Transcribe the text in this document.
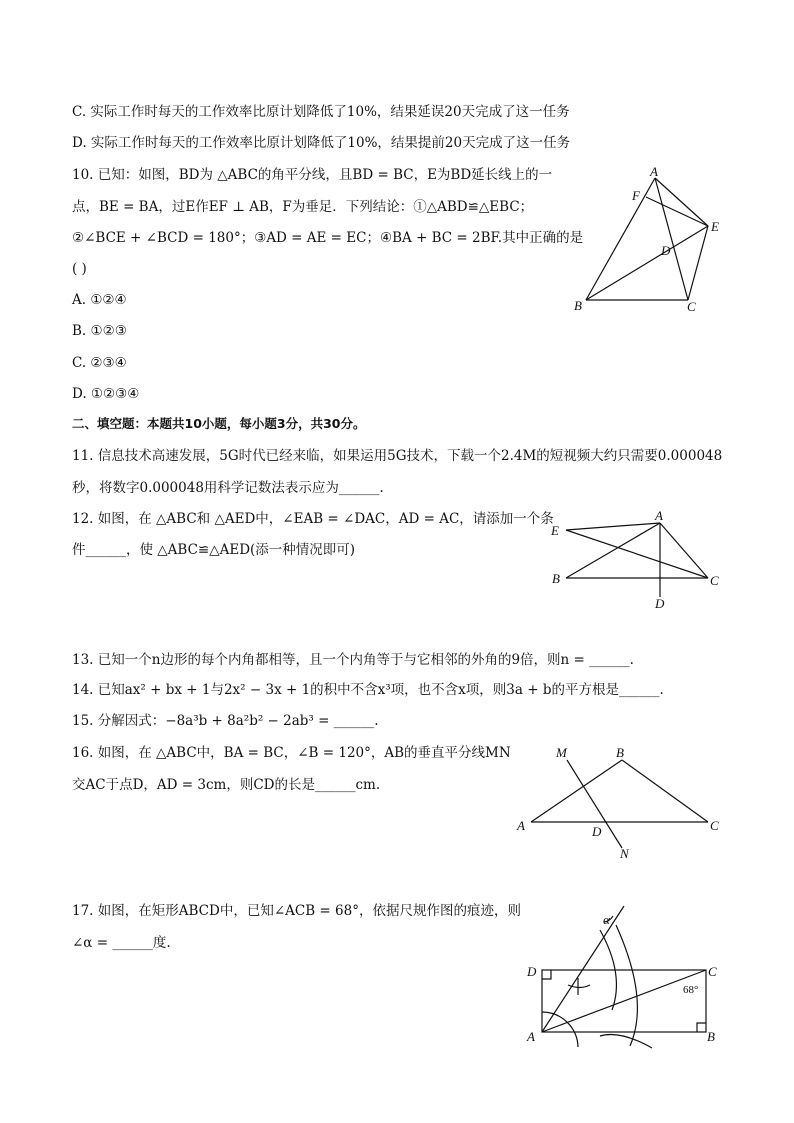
C. 实际工作时每天的工作效率比原计划降低了10%，结果延误20天完成了这一任务
D. 实际工作时每天的工作效率比原计划降低了10%，结果提前20天完成了这一任务
10. 已知：如图，BD为 △ABC的角平分线，且BD = BC，E为BD延长线上的一
点，BE = BA，过E作EF ⊥ AB，F为垂足．下列结论：①△ABD≌△EBC；
②∠BCE + ∠BCD = 180°；③AD = AE = EC；④BA + BC = 2BF.其中正确的是
( )
A. ①②④
B. ①②③
C. ②③④
D. ①②③④
A
F
E
D
B	C
二、填空题：本题共10小题，每小题3分，共30分。
11. 信息技术高速发展，5G时代已经来临，如果运用5G技术，下载一个2.4M的短视频大约只需要0.000048
秒，将数字0.000048用科学记数法表示应为______.
12. 如图，在 △ABC和 △AED中，∠EAB = ∠DAC，AD = AC，请添加一个条
件______，使 △ABC≌△AED(添一种情况即可)
A
E
B	C
D
13. 已知一个n边形的每个内角都相等，且一个内角等于与它相邻的外角的9倍，则n = ______.
14. 已知ax² + bx + 1与2x² − 3x + 1的积中不含x³项，也不含x项，则3a + b的平方根是______.
15. 分解因式：−8a³b + 8a²b² − 2ab³ = ______.
16. 如图，在 △ABC中，BA = BC，∠B = 120°，AB的垂直平分线MN
交AC于点D，AD = 3cm，则CD的长是______cm.
M	B
A	D	C
N
17. 如图，在矩形ABCD中，已知∠ACB = 68°，依据尺规作图的痕迹，则
∠α = ______度.
α
D	C
68°
A	B
